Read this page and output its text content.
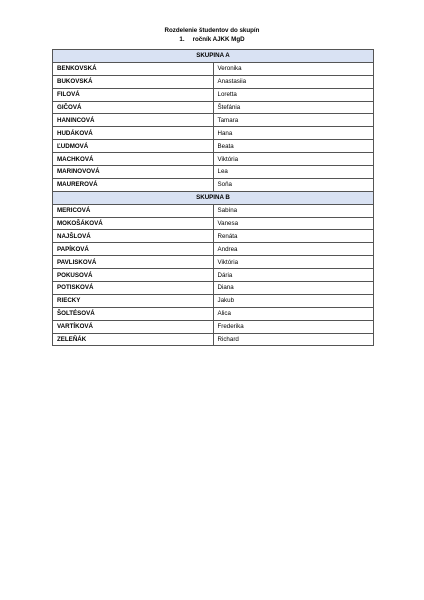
Rozdelenie študentov do skupín
1. ročník AJKK MgD
SKUPINA A	
BENKOVSKÁ	Veronika
BUKOVSKÁ	Anastasiia
FILOVÁ	Loretta
GIČOVÁ	Štefánia
HANINCOVÁ	Tamara
HUDÁKOVÁ	Hana
ĽUDMOVÁ	Beata
MACHKOVÁ	Viktória
MARINOVOVÁ	Lea
MAUREROVÁ	Soňa
SKUPINA B	
MERICOVÁ	Sabína
MOKOŠÁKOVÁ	Vanesa
NAJŠLOVÁ	Renáta
PAPÍKOVÁ	Andrea
PAVLISKOVÁ	Viktória
POKUSOVÁ	Dária
POTISKOVÁ	Diana
RIECKY	Jakub
ŠOLTÉSOVÁ	Alica
VARTÍKOVÁ	Frederika
ZELEŇÁK	Richard
